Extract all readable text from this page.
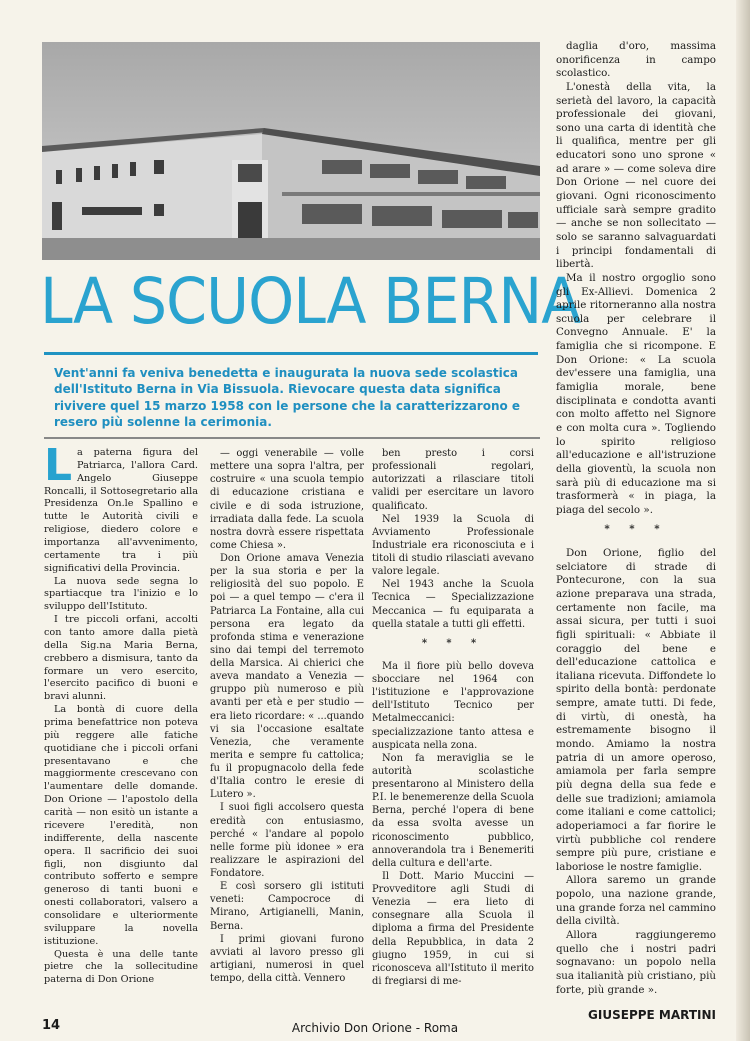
LA SCUOLA BERNA
Vent'anni fa veniva benedetta e inaugurata la nuova sede scolastica dell'Istituto Berna in Via Bissuola. Rievocare questa data significa rivivere quel 15 marzo 1958 con le persone che la caratterizzarono e resero più solenne la cerimonia.

La paterna figura del Patriarca, l'allora Card. Angelo Giuseppe Roncalli, il Sottosegretario alla Presidenza On.le Spallino e tutte le Autorità civili e religiose, diedero colore e importanza all'avvenimento, certamente tra i più significativi della Provincia.

La nuova sede segna lo spartiacque tra l'inizio e lo sviluppo dell'Istituto.

I tre piccoli orfani, accolti con tanto amore dalla pietà della Sig.na Maria Berna, crebbero a dismisura, tanto da formare un vero esercito, l'esercito pacifico di buoni e bravi alunni.

La bontà di cuore della prima benefattrice non poteva più reggere alle fatiche quotidiane che i piccoli orfani presentavano e che maggiormente crescevano con l'aumentare delle domande. Don Orione — l'apostolo della carità — non esitò un istante a ricevere l'eredità, non indifferente, della nascente opera. Il sacrificio dei suoi figli, non disgiunto dal contributo sofferto e sempre generoso di tanti buoni e onesti collaboratori, valsero a consolidare e ulteriormente sviluppare la novella istituzione.

Questa è una delle tante pietre che la sollecitudine paterna di Don Orione

— oggi venerabile — volle mettere una sopra l'altra, per costruire « una scuola tempio di educazione cristiana e civile e di soda istruzione, irradiata dalla fede. La scuola nostra dovrà essere rispettata come Chiesa ».

Don Orione amava Venezia per la sua storia e per la religiosità del suo popolo. E poi — a quel tempo — c'era il Patriarca La Fontaine, alla cui persona era legato da profonda stima e venerazione sino dai tempi del terremoto della Marsica. Ai chierici che aveva mandato a Venezia — gruppo più numeroso e più avanti per età e per studio — era lieto ricordare: « ...quando vi sia l'occasione esaltate Venezia, che veramente merita e sempre fu cattolica; fu il propugnacolo della fede d'Italia contro le eresie di Lutero ».

I suoi figli accolsero questa eredità con entusiasmo, perché « l'andare al popolo nelle forme più idonee » era realizzare le aspirazioni del Fondatore.

E così sorsero gli istituti veneti: Campocroce di Mirano, Artigianelli, Manin, Berna.

I primi giovani furono avviati al lavoro presso gli artigiani, numerosi in quel tempo, della città. Vennero

ben presto i corsi professionali regolari, autorizzati a rilasciare titoli validi per esercitare un lavoro qualificato.

Nel 1939 la Scuola di Avviamento Professionale Industriale era riconosciuta e i titoli di studio rilasciati avevano valore legale.

Nel 1943 anche la Scuola Tecnica — Specializzazione Meccanica — fu equiparata a quella statale a tutti gli effetti.

* * *

Ma il fiore più bello doveva sbocciare nel 1964 con l'istituzione e l'approvazione dell'Istituto Tecnico per Metalmeccanici: specializzazione tanto attesa e auspicata nella zona.

Non fa meraviglia se le autorità scolastiche presentarono al Ministero della P.I. le benemerenze della Scuola Berna, perché l'opera di bene da essa svolta avesse un riconoscimento pubblico, annoverandola tra i Benemeriti della cultura e dell'arte.

Il Dott. Mario Muccini — Provveditore agli Studi di Venezia — era lieto di consegnare alla Scuola il diploma a firma del Presidente della Repubblica, in data 2 giugno 1959, in cui si riconosceva all'Istituto il merito di fregiarsi di me-

daglia d'oro, massima onorificenza in campo scolastico.

L'onestà della vita, la serietà del lavoro, la capacità professionale dei giovani, sono una carta di identità che li qualifica, mentre per gli educatori sono uno sprone « ad arare » — come soleva dire Don Orione — nel cuore dei giovani. Ogni riconoscimento ufficiale sarà sempre gradito — anche se non sollecitato — solo se saranno salvaguardati i principi fondamentali di libertà.

Ma il nostro orgoglio sono gli Ex-Allievi. Domenica 2 aprile ritorneranno alla nostra scuola per celebrare il Convegno Annuale. E' la famiglia che si ricompone. E Don Orione: « La scuola dev'essere una famiglia, una famiglia morale, bene disciplinata e condotta avanti con molto affetto nel Signore e con molta cura ». Togliendo lo spirito religioso all'educazione e all'istruzione della gioventù, la scuola non sarà più di educazione ma si trasformerà « in piaga, la piaga del secolo ».

* * *

Don Orione, figlio del selciatore di strade di Pontecurone, con la sua azione preparava una strada, certamente non facile, ma assai sicura, per tutti i suoi figli spirituali: « Abbiate il coraggio del bene e dell'educazione cattolica e italiana ricevuta. Diffondete lo spirito della bontà: perdonate sempre, amate tutti. Di fede, di virtù, di onestà, ha estremamente bisogno il mondo. Amiamo la nostra patria di un amore operoso, amiamola per farla sempre più degna della sua fede e delle sue tradizioni; amiamola come italiani e come cattolici; adoperiamoci a far fiorire le virtù pubbliche col rendere sempre più pure, cristiane e laboriose le nostre famiglie.

Allora saremo un grande popolo, una nazione grande, una grande forza nel cammino della civiltà.

Allora raggiungeremo quello che i nostri padri sognavano: un popolo nella sua italianità più cristiano, più forte, più grande ».

GIUSEPPE MARTINI

14	Archivio Don Orione - Roma
